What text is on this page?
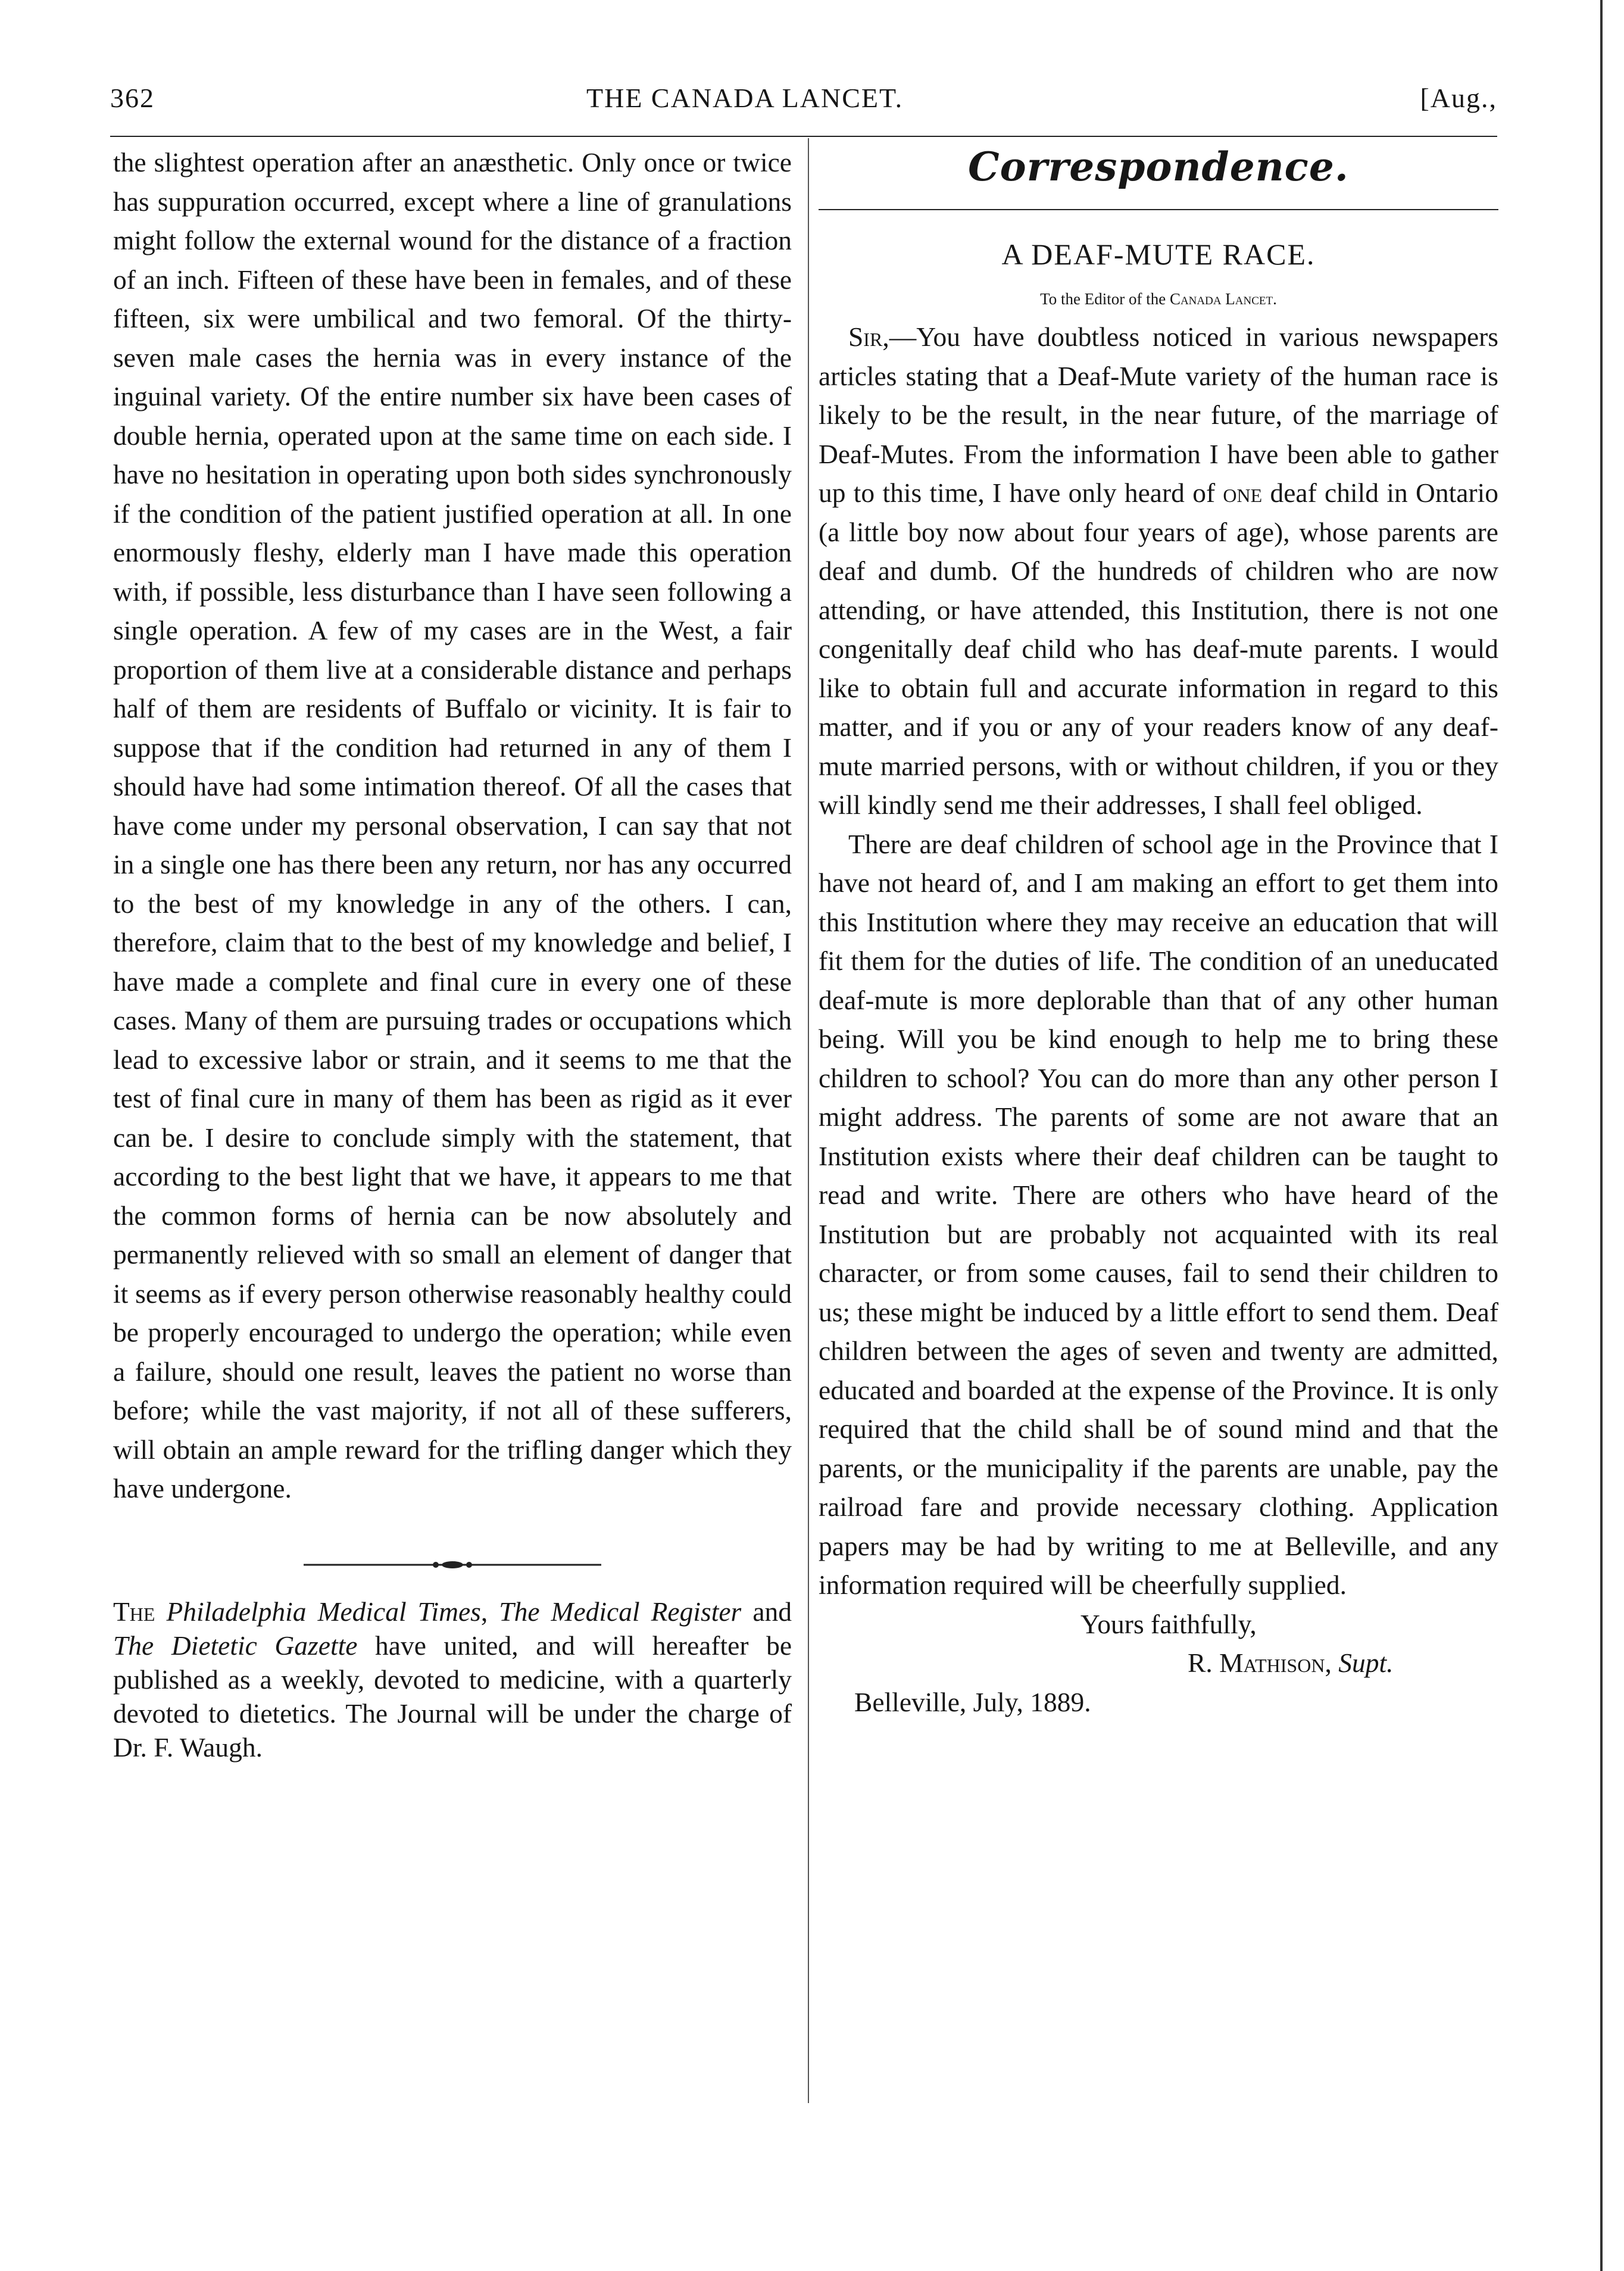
362	THE CANADA LANCET.	[Aug.,

the slightest operation after an anæsthetic. Only once or twice has suppuration occurred, except where a line of granulations might follow the external wound for the distance of a fraction of an inch. Fifteen of these have been in females, and of these fifteen, six were umbilical and two femoral. Of the thirty-seven male cases the hernia was in every instance of the inguinal variety. Of the entire number six have been cases of double hernia, operated upon at the same time on each side. I have no hesitation in operating upon both sides synchronously if the condition of the patient justified operation at all. In one enormously fleshy, elderly man I have made this operation with, if possible, less disturbance than I have seen following a single operation. A few of my cases are in the West, a fair proportion of them live at a considerable distance and perhaps half of them are residents of Buffalo or vicinity. It is fair to suppose that if the condition had returned in any of them I should have had some intimation thereof. Of all the cases that have come under my personal observation, I can say that not in a single one has there been any return, nor has any occurred to the best of my knowledge in any of the others. I can, therefore, claim that to the best of my knowledge and belief, I have made a complete and final cure in every one of these cases. Many of them are pursuing trades or occupations which lead to excessive labor or strain, and it seems to me that the test of final cure in many of them has been as rigid as it ever can be. I desire to conclude simply with the statement, that according to the best light that we have, it appears to me that the common forms of hernia can be now absolutely and permanently relieved with so small an element of danger that it seems as if every person otherwise reasonably healthy could be properly encouraged to undergo the operation; while even a failure, should one result, leaves the patient no worse than before; while the vast majority, if not all of these sufferers, will obtain an ample reward for the trifling danger which they have undergone.

The Philadelphia Medical Times, The Medical Register and The Dietetic Gazette have united, and will hereafter be published as a weekly, devoted to medicine, with a quarterly devoted to dietetics. The Journal will be under the charge of Dr. F. Waugh.

Correspondence.
A DEAF-MUTE RACE.
To the Editor of the Canada Lancet.

Sir,—You have doubtless noticed in various newspapers articles stating that a Deaf-Mute variety of the human race is likely to be the result, in the near future, of the marriage of Deaf-Mutes. From the information I have been able to gather up to this time, I have only heard of one deaf child in Ontario (a little boy now about four years of age), whose parents are deaf and dumb. Of the hundreds of children who are now attending, or have attended, this Institution, there is not one congenitally deaf child who has deaf-mute parents. I would like to obtain full and accurate information in regard to this matter, and if you or any of your readers know of any deaf-mute married persons, with or without children, if you or they will kindly send me their addresses, I shall feel obliged.

There are deaf children of school age in the Province that I have not heard of, and I am making an effort to get them into this Institution where they may receive an education that will fit them for the duties of life. The condition of an uneducated deaf-mute is more deplorable than that of any other human being. Will you be kind enough to help me to bring these children to school? You can do more than any other person I might address. The parents of some are not aware that an Institution exists where their deaf children can be taught to read and write. There are others who have heard of the Institution but are probably not acquainted with its real character, or from some causes, fail to send their children to us; these might be induced by a little effort to send them. Deaf children between the ages of seven and twenty are admitted, educated and boarded at the expense of the Province. It is only required that the child shall be of sound mind and that the parents, or the municipality if the parents are unable, pay the railroad fare and provide necessary clothing. Application papers may be had by writing to me at Belleville, and any information required will be cheerfully supplied.

Yours faithfully,

R. Mathison, Supt.

Belleville, July, 1889.
